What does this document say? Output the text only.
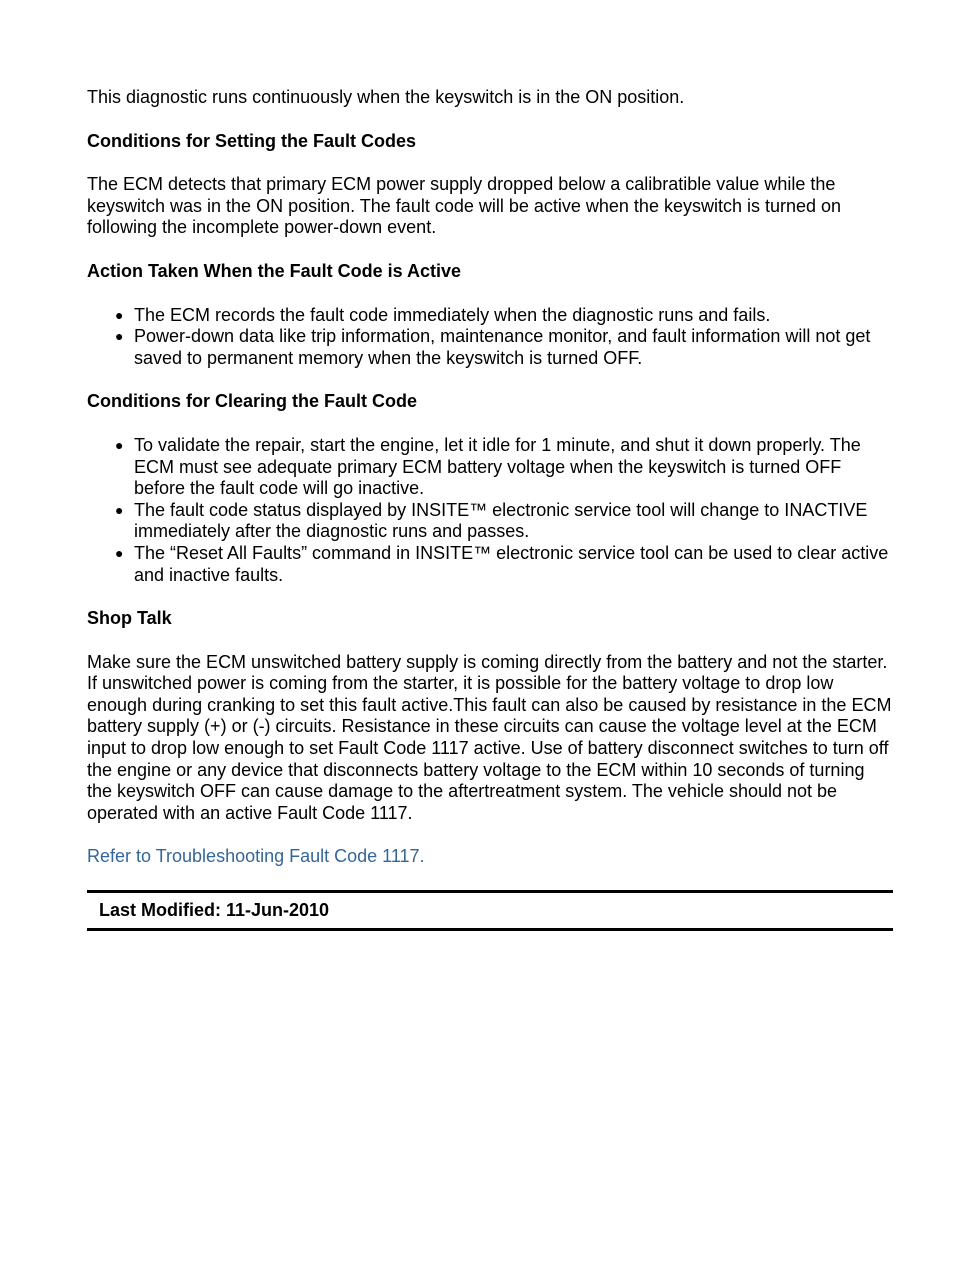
This diagnostic runs continuously when the keyswitch is in the ON position.

Conditions for Setting the Fault Codes

The ECM detects that primary ECM power supply dropped below a calibratible value while the keyswitch was in the ON position. The fault code will be active when the keyswitch is turned on following the incomplete power-down event.

Action Taken When the Fault Code is Active
● The ECM records the fault code immediately when the diagnostic runs and fails.
● Power-down data like trip information, maintenance monitor, and fault information will not get saved to permanent memory when the keyswitch is turned OFF.
Conditions for Clearing the Fault Code
● To validate the repair, start the engine, let it idle for 1 minute, and shut it down properly. The ECM must see adequate primary ECM battery voltage when the keyswitch is turned OFF before the fault code will go inactive.
● The fault code status displayed by INSITE™ electronic service tool will change to INACTIVE immediately after the diagnostic runs and passes.
● The “Reset All Faults” command in INSITE™ electronic service tool can be used to clear active and inactive faults.
Shop Talk

Make sure the ECM unswitched battery supply is coming directly from the battery and not the starter. If unswitched power is coming from the starter, it is possible for the battery voltage to drop low enough during cranking to set this fault active.This fault can also be caused by resistance in the ECM battery supply (+) or (-) circuits. Resistance in these circuits can cause the voltage level at the ECM input to drop low enough to set Fault Code 1117 active. Use of battery disconnect switches to turn off the engine or any device that disconnects battery voltage to the ECM within 10 seconds of turning the keyswitch OFF can cause damage to the aftertreatment system. The vehicle should not be operated with an active Fault Code 1117.

Refer to Troubleshooting Fault Code 1117.

Last Modified: 11-Jun-2010
